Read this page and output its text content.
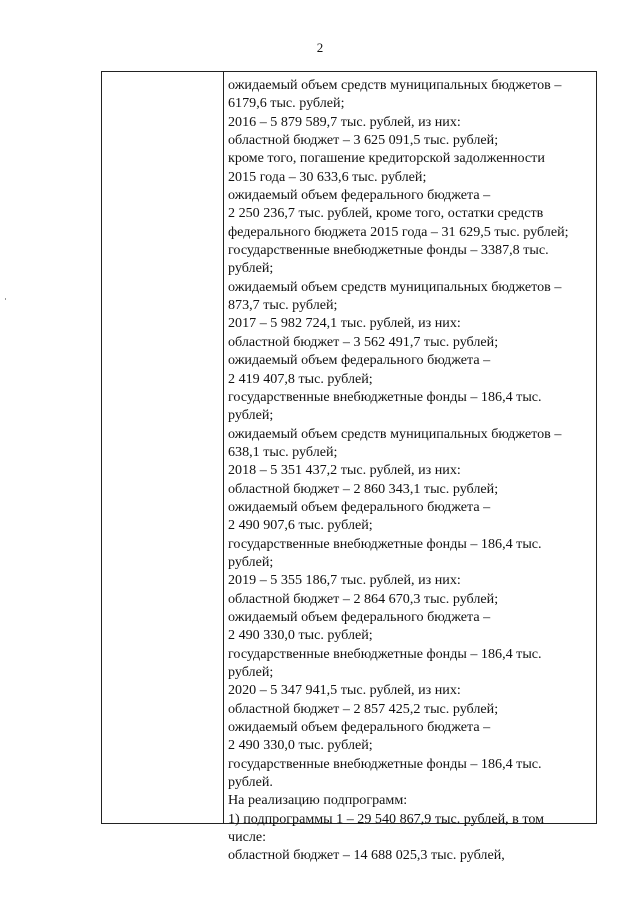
2
ожидаемый объем средств муниципальных бюджетов –
6179,6 тыс. рублей;
2016 – 5 879 589,7 тыс. рублей, из них:
областной бюджет – 3 625 091,5 тыс. рублей;
кроме того, погашение кредиторской задолженности
2015 года – 30 633,6 тыс. рублей;
ожидаемый объем федерального бюджета –
2 250 236,7 тыс. рублей, кроме того, остатки средств
федерального бюджета 2015 года – 31 629,5 тыс. рублей;
государственные внебюджетные фонды – 3387,8 тыс.
рублей;
ожидаемый объем средств муниципальных бюджетов –
873,7 тыс. рублей;
2017 – 5 982 724,1 тыс. рублей, из них:
областной бюджет – 3 562 491,7 тыс. рублей;
ожидаемый объем федерального бюджета –
2 419 407,8 тыс. рублей;
государственные внебюджетные фонды – 186,4 тыс.
рублей;
ожидаемый объем средств муниципальных бюджетов –
638,1 тыс. рублей;
2018 – 5 351 437,2 тыс. рублей, из них:
областной бюджет – 2 860 343,1 тыс. рублей;
ожидаемый объем федерального бюджета –
2 490 907,6 тыс. рублей;
государственные внебюджетные фонды – 186,4 тыс.
рублей;
2019 – 5 355 186,7 тыс. рублей, из них:
областной бюджет – 2 864 670,3 тыс. рублей;
ожидаемый объем федерального бюджета –
2 490 330,0 тыс. рублей;
государственные внебюджетные фонды – 186,4 тыс.
рублей;
2020 – 5 347 941,5 тыс. рублей, из них:
областной бюджет – 2 857 425,2 тыс. рублей;
ожидаемый объем федерального бюджета –
2 490 330,0 тыс. рублей;
государственные внебюджетные фонды – 186,4 тыс.
рублей.
На реализацию подпрограмм:
1) подпрограммы 1 – 29 540 867,9 тыс. рублей, в том
числе:
областной бюджет – 14 688 025,3 тыс. рублей,
